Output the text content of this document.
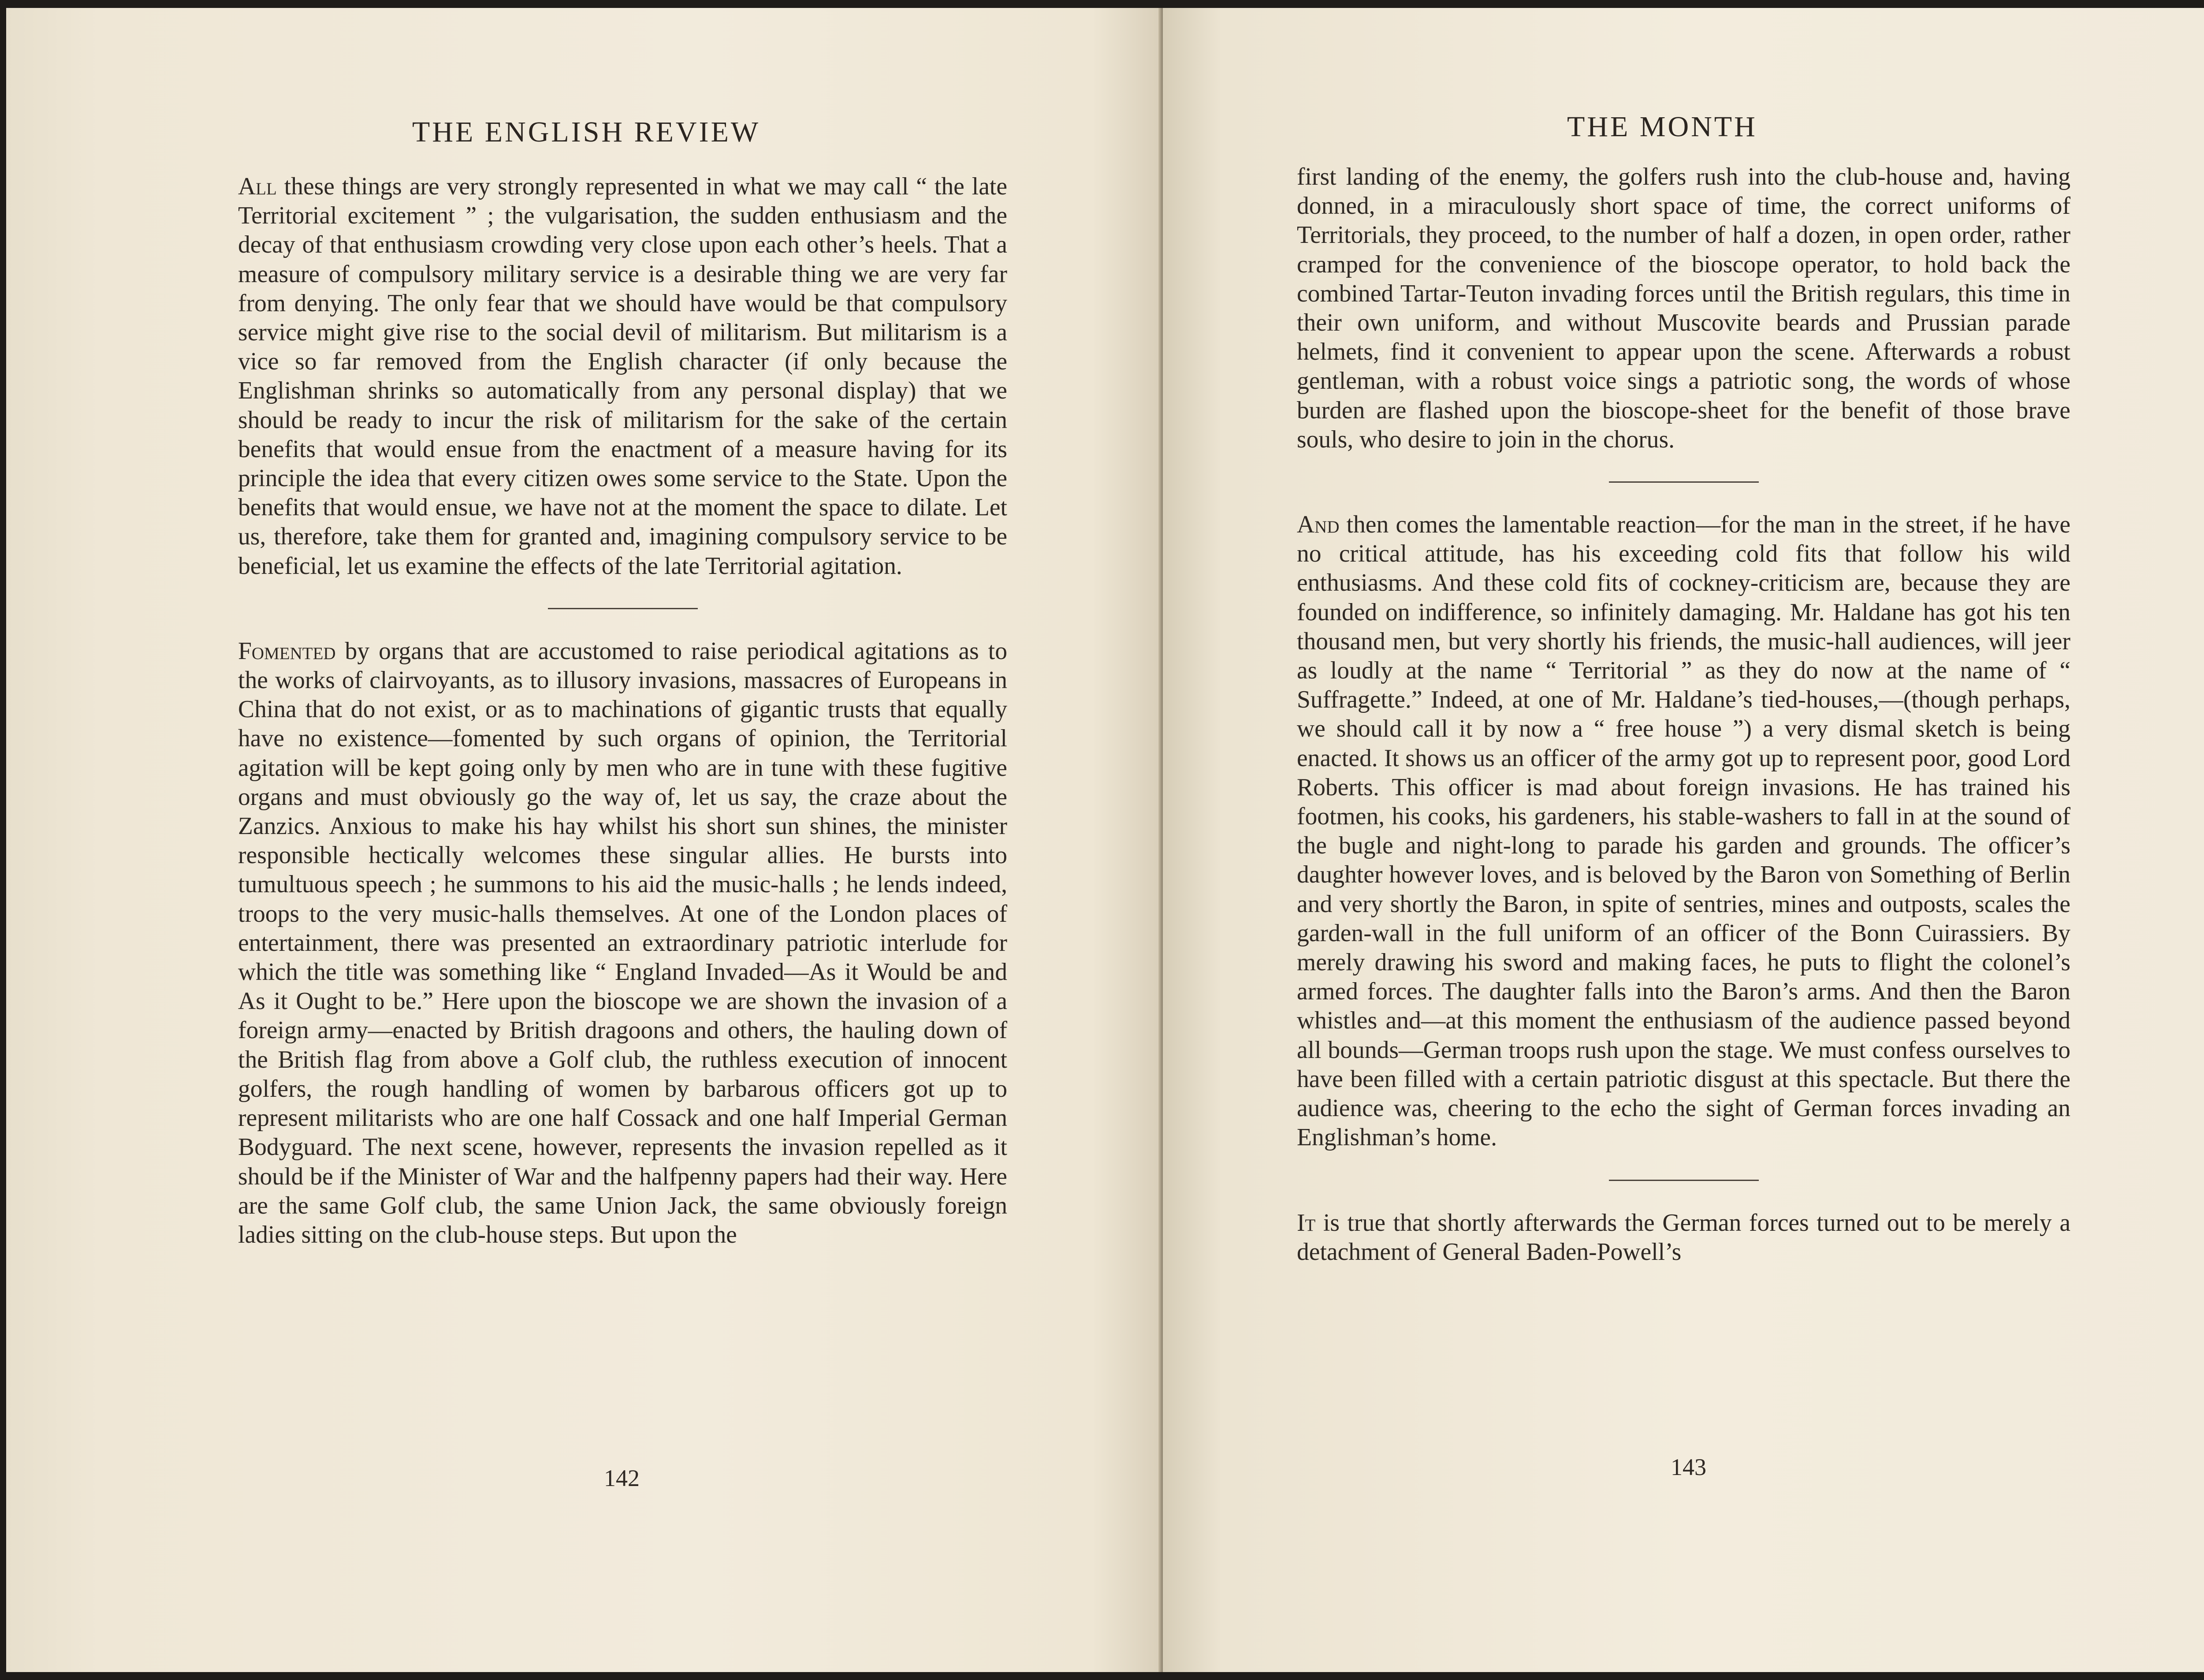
THE ENGLISH REVIEW

All these things are very strongly represented in what we may call “ the late Territorial excitement ” ; the vulgarisation, the sudden enthusiasm and the decay of that enthusiasm crowding very close upon each other’s heels. That a measure of compulsory military service is a desirable thing we are very far from denying. The only fear that we should have would be that compulsory service might give rise to the social devil of militarism. But militarism is a vice so far removed from the English character (if only because the Englishman shrinks so automatically from any personal display) that we should be ready to incur the risk of militarism for the sake of the certain benefits that would ensue from the enactment of a measure having for its principle the idea that every citizen owes some service to the State. Upon the benefits that would ensue, we have not at the moment the space to dilate. Let us, therefore, take them for granted and, imagining compulsory service to be beneficial, let us examine the effects of the late Territorial agitation.

Fomented by organs that are accustomed to raise periodical agitations as to the works of clairvoyants, as to illusory invasions, massacres of Europeans in China that do not exist, or as to machinations of gigantic trusts that equally have no existence—fomented by such organs of opinion, the Territorial agitation will be kept going only by men who are in tune with these fugitive organs and must obviously go the way of, let us say, the craze about the Zanzics. Anxious to make his hay whilst his short sun shines, the minister responsible hectically welcomes these singular allies. He bursts into tumultuous speech ; he summons to his aid the music-halls ; he lends indeed, troops to the very music-halls themselves. At one of the London places of entertainment, there was presented an extraordinary patriotic interlude for which the title was something like “ England Invaded—As it Would be and As it Ought to be.” Here upon the bioscope we are shown the invasion of a foreign army—enacted by British dragoons and others, the hauling down of the British flag from above a Golf club, the ruthless execution of innocent golfers, the rough handling of women by barbarous officers got up to represent militarists who are one half Cossack and one half Imperial German Bodyguard. The next scene, however, represents the invasion repelled as it should be if the Minister of War and the halfpenny papers had their way. Here are the same Golf club, the same Union Jack, the same obviously foreign ladies sitting on the club-house steps. But upon the

142
THE MONTH

first landing of the enemy, the golfers rush into the club-house and, having donned, in a miraculously short space of time, the correct uniforms of Territorials, they proceed, to the number of half a dozen, in open order, rather cramped for the convenience of the bioscope operator, to hold back the combined Tartar-Teuton invading forces until the British regulars, this time in their own uniform, and without Muscovite beards and Prussian parade helmets, find it convenient to appear upon the scene. Afterwards a robust gentleman, with a robust voice sings a patriotic song, the words of whose burden are flashed upon the bioscope-sheet for the benefit of those brave souls, who desire to join in the chorus.

And then comes the lamentable reaction—for the man in the street, if he have no critical attitude, has his exceeding cold fits that follow his wild enthusiasms. And these cold fits of cockney-criticism are, because they are founded on indifference, so infinitely damaging. Mr. Haldane has got his ten thousand men, but very shortly his friends, the music-hall audiences, will jeer as loudly at the name “ Territorial ” as they do now at the name of “ Suffragette.” Indeed, at one of Mr. Haldane’s tied-houses,—(though perhaps, we should call it by now a “ free house ”) a very dismal sketch is being enacted. It shows us an officer of the army got up to represent poor, good Lord Roberts. This officer is mad about foreign invasions. He has trained his footmen, his cooks, his gardeners, his stable-washers to fall in at the sound of the bugle and night-long to parade his garden and grounds. The officer’s daughter however loves, and is beloved by the Baron von Something of Berlin and very shortly the Baron, in spite of sentries, mines and outposts, scales the garden-wall in the full uniform of an officer of the Bonn Cuirassiers. By merely drawing his sword and making faces, he puts to flight the colonel’s armed forces. The daughter falls into the Baron’s arms. And then the Baron whistles and—at this moment the enthusiasm of the audience passed beyond all bounds—German troops rush upon the stage. We must confess ourselves to have been filled with a certain patriotic disgust at this spectacle. But there the audience was, cheering to the echo the sight of German forces invading an Englishman’s home.

It is true that shortly afterwards the German forces turned out to be merely a detachment of General Baden-Powell’s

143
